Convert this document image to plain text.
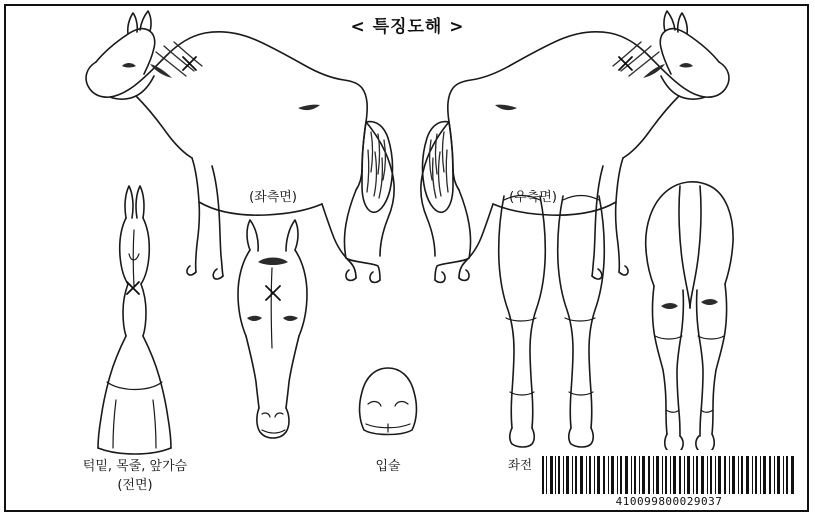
< 특징도해 >
(좌측면)	(우측면)
턱밑, 목줄, 앞가슴
(전면)
입술	좌전
410099800029037
